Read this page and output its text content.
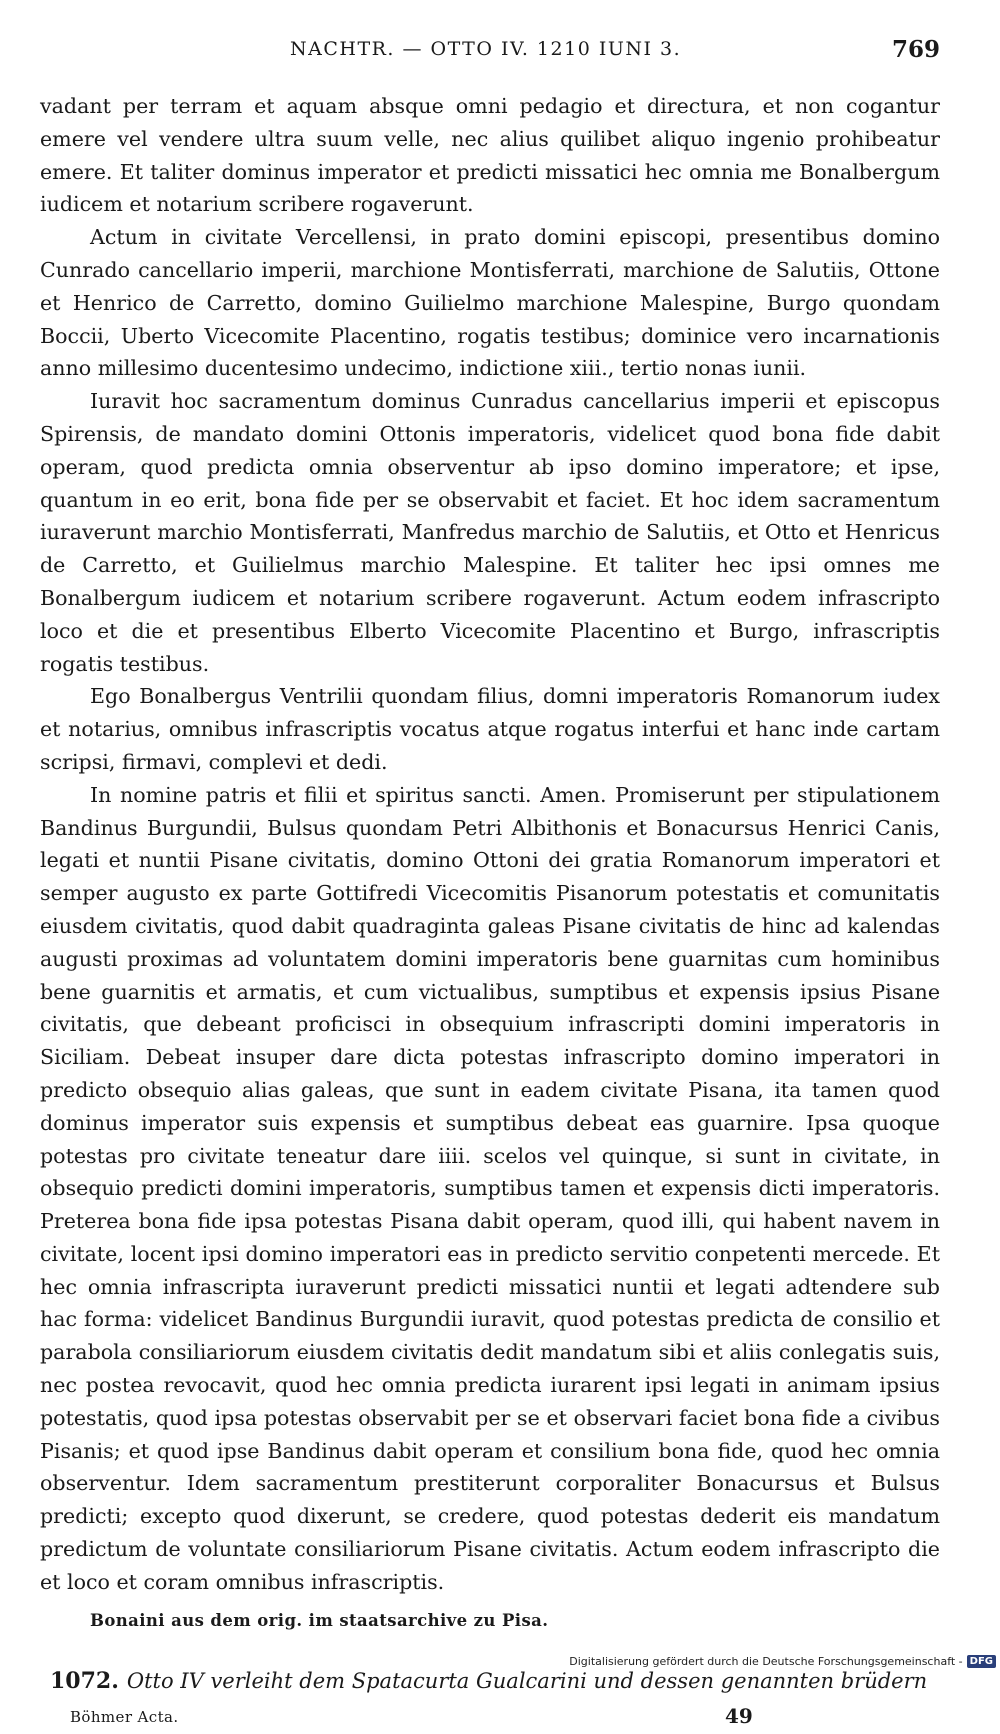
NACHTR. — OTTO IV. 1210 IUNI 3.	769

vadant per terram et aquam absque omni pedagio et directura, et non cogantur emere vel vendere ultra suum velle, nec alius quilibet aliquo ingenio prohibeatur emere. Et taliter dominus imperator et predicti missatici hec omnia me Bonalbergum iudicem et notarium scribere rogaverunt.

Actum in civitate Vercellensi, in prato domini episcopi, presentibus domino Cunrado cancellario imperii, marchione Montisferrati, marchione de Salutiis, Ottone et Henrico de Carretto, domino Guilielmo marchione Malespine, Burgo quondam Boccii, Uberto Vicecomite Placentino, rogatis testibus; dominice vero incarnationis anno millesimo ducentesimo undecimo, indictione xiii., tertio nonas iunii.

Iuravit hoc sacramentum dominus Cunradus cancellarius imperii et episcopus Spirensis, de mandato domini Ottonis imperatoris, videlicet quod bona fide dabit operam, quod predicta omnia observentur ab ipso domino imperatore; et ipse, quantum in eo erit, bona fide per se observabit et faciet. Et hoc idem sacramentum iuraverunt marchio Montisferrati, Manfredus marchio de Salutiis, et Otto et Henricus de Carretto, et Guilielmus marchio Malespine. Et taliter hec ipsi omnes me Bonalbergum iudicem et notarium scribere rogaverunt. Actum eodem infrascripto loco et die et presentibus Elberto Vicecomite Placentino et Burgo, infrascriptis rogatis testibus.

Ego Bonalbergus Ventrilii quondam filius, domni imperatoris Romanorum iudex et notarius, omnibus infrascriptis vocatus atque rogatus interfui et hanc inde cartam scripsi, firmavi, complevi et dedi.

In nomine patris et filii et spiritus sancti. Amen. Promiserunt per stipulationem Bandinus Burgundii, Bulsus quondam Petri Albithonis et Bonacursus Henrici Canis, legati et nuntii Pisane civitatis, domino Ottoni dei gratia Romanorum imperatori et semper augusto ex parte Gottifredi Vicecomitis Pisanorum potestatis et comunitatis eiusdem civitatis, quod dabit quadraginta galeas Pisane civitatis de hinc ad kalendas augusti proximas ad voluntatem domini imperatoris bene guarnitas cum hominibus bene guarnitis et armatis, et cum victualibus, sumptibus et expensis ipsius Pisane civitatis, que debeant proficisci in obsequium infrascripti domini imperatoris in Siciliam. Debeat insuper dare dicta potestas infrascripto domino imperatori in predicto obsequio alias galeas, que sunt in eadem civitate Pisana, ita tamen quod dominus imperator suis expensis et sumptibus debeat eas guarnire. Ipsa quoque potestas pro civitate teneatur dare iiii. scelos vel quinque, si sunt in civitate, in obsequio predicti domini imperatoris, sumptibus tamen et expensis dicti imperatoris. Preterea bona fide ipsa potestas Pisana dabit operam, quod illi, qui habent navem in civitate, locent ipsi domino imperatori eas in predicto servitio conpetenti mercede. Et hec omnia infrascripta iuraverunt predicti missatici nuntii et legati adtendere sub hac forma: videlicet Bandinus Burgundii iuravit, quod potestas predicta de consilio et parabola consiliariorum eiusdem civitatis dedit mandatum sibi et aliis conlegatis suis, nec postea revocavit, quod hec omnia predicta iurarent ipsi legati in animam ipsius potestatis, quod ipsa potestas observabit per se et observari faciet bona fide a civibus Pisanis; et quod ipse Bandinus dabit operam et consilium bona fide, quod hec omnia observentur. Idem sacramentum prestiterunt corporaliter Bonacursus et Bulsus predicti; excepto quod dixerunt, se credere, quod potestas dederit eis mandatum predictum de voluntate consiliariorum Pisane civitatis. Actum eodem infrascripto die et loco et coram omnibus infrascriptis.

Bonaini aus dem orig. im staatsarchive zu Pisa.
1072. Otto IV verleiht dem Spatacurta Gualcarini und dessen genannten brüdern
Böhmer Acta.	49
Digitalisierung gefördert durch die Deutsche Forschungsgemeinschaft - DFG
